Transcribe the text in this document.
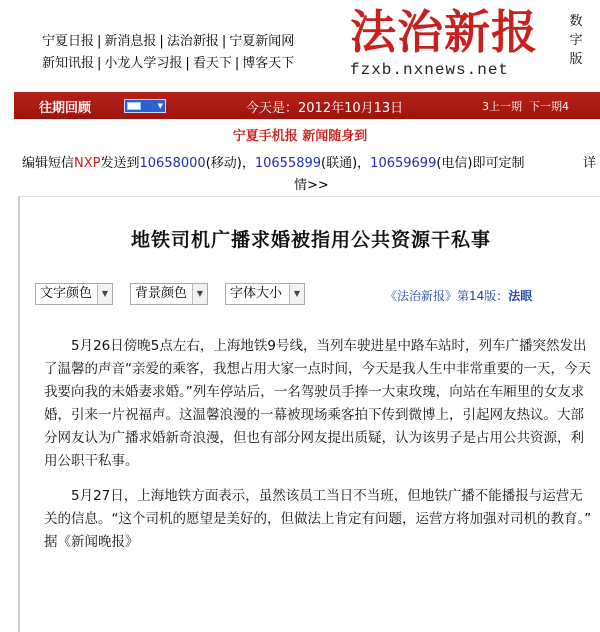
宁夏日报 | 新消息报 | 法治新报 | 宁夏新闻网
新知讯报 | 小龙人学习报 | 看天下 | 博客天下
法治新报
fzxb.nxnews.net
数
字
版
往期回顾	▼	今天是：2012年10月13日	3上一期 下一期4
宁夏手机报 新闻随身到
编辑短信NXP发送到10658000(移动)，10655899(联通)，10659699(电信)即可定制	详
情>>
地铁司机广播求婚被指用公共资源干私事
文字颜色	▼	背景颜色	▼	字体大小	▼	《法治新报》第14版：法眼

5月26日傍晚5点左右，上海地铁9号线，当列车驶进星中路车站时，列车广播突然发出了温馨的声音“亲爱的乘客，我想占用大家一点时间，今天是我人生中非常重要的一天，今天我要向我的未婚妻求婚。”列车停站后，一名驾驶员手捧一大束玫瑰，向站在车厢里的女友求婚，引来一片祝福声。这温馨浪漫的一幕被现场乘客拍下传到微博上，引起网友热议。大部分网友认为广播求婚新奇浪漫，但也有部分网友提出质疑，认为该男子是占用公共资源，利用公职干私事。

5月27日，上海地铁方面表示，虽然该员工当日不当班，但地铁广播不能播报与运营无关的信息。“这个司机的愿望是美好的，但做法上肯定有问题，运营方将加强对司机的教育。” 据《新闻晚报》
